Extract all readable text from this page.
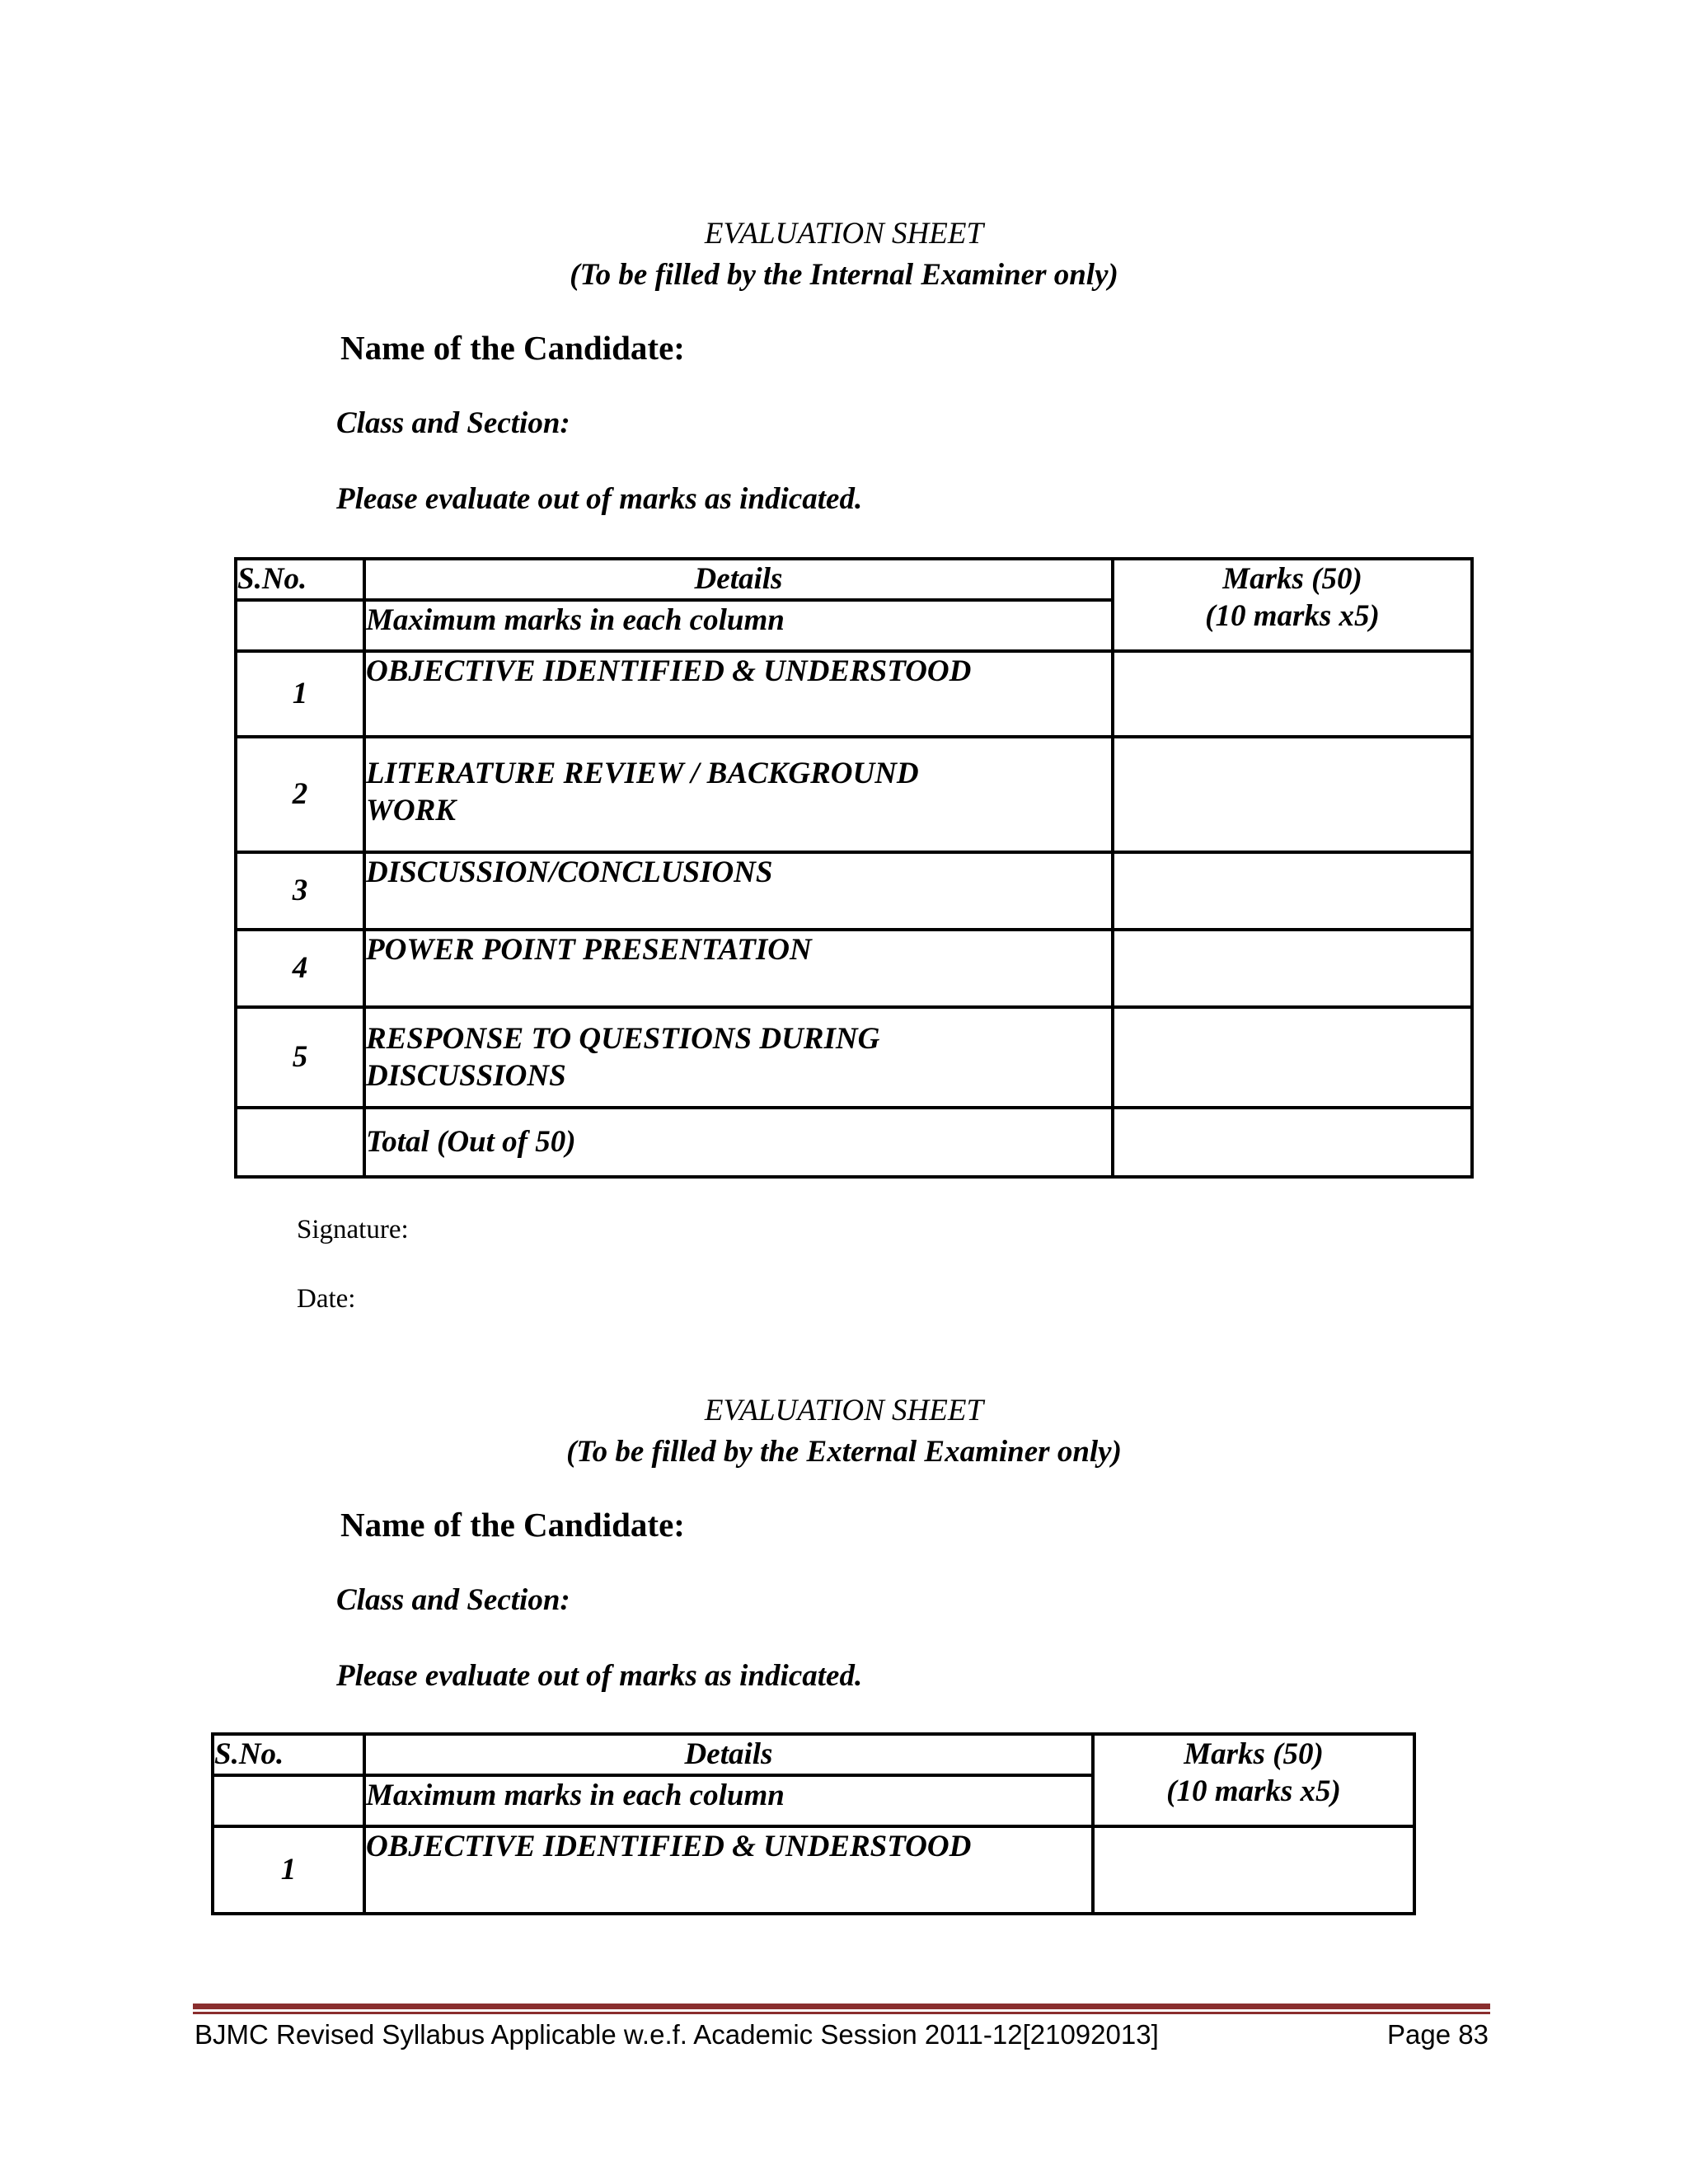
EVALUATION SHEET
(To be filled by the Internal Examiner only)
Name of the Candidate:
Class and Section:
Please evaluate out of marks as indicated.
S.No.	Details	Marks (50)
(10 marks x5)

	Maximum marks in each column	
1	OBJECTIVE IDENTIFIED & UNDERSTOOD	

2	LITERATURE REVIEW / BACKGROUND
WORK	

3	DISCUSSION/CONCLUSIONS	

4	POWER POINT PRESENTATION	

5	RESPONSE TO QUESTIONS DURING
DISCUSSIONS	

	Total (Out of 50)	
Signature:
Date:
EVALUATION SHEET
(To be filled by the External Examiner only)
Name of the Candidate:
Class and Section:
Please evaluate out of marks as indicated.
S.No.	Details	Marks (50)
(10 marks x5)

	Maximum marks in each column	
1	OBJECTIVE IDENTIFIED & UNDERSTOOD	

BJMC Revised Syllabus Applicable w.e.f. Academic Session 2011-12[21092013]	Page 83
